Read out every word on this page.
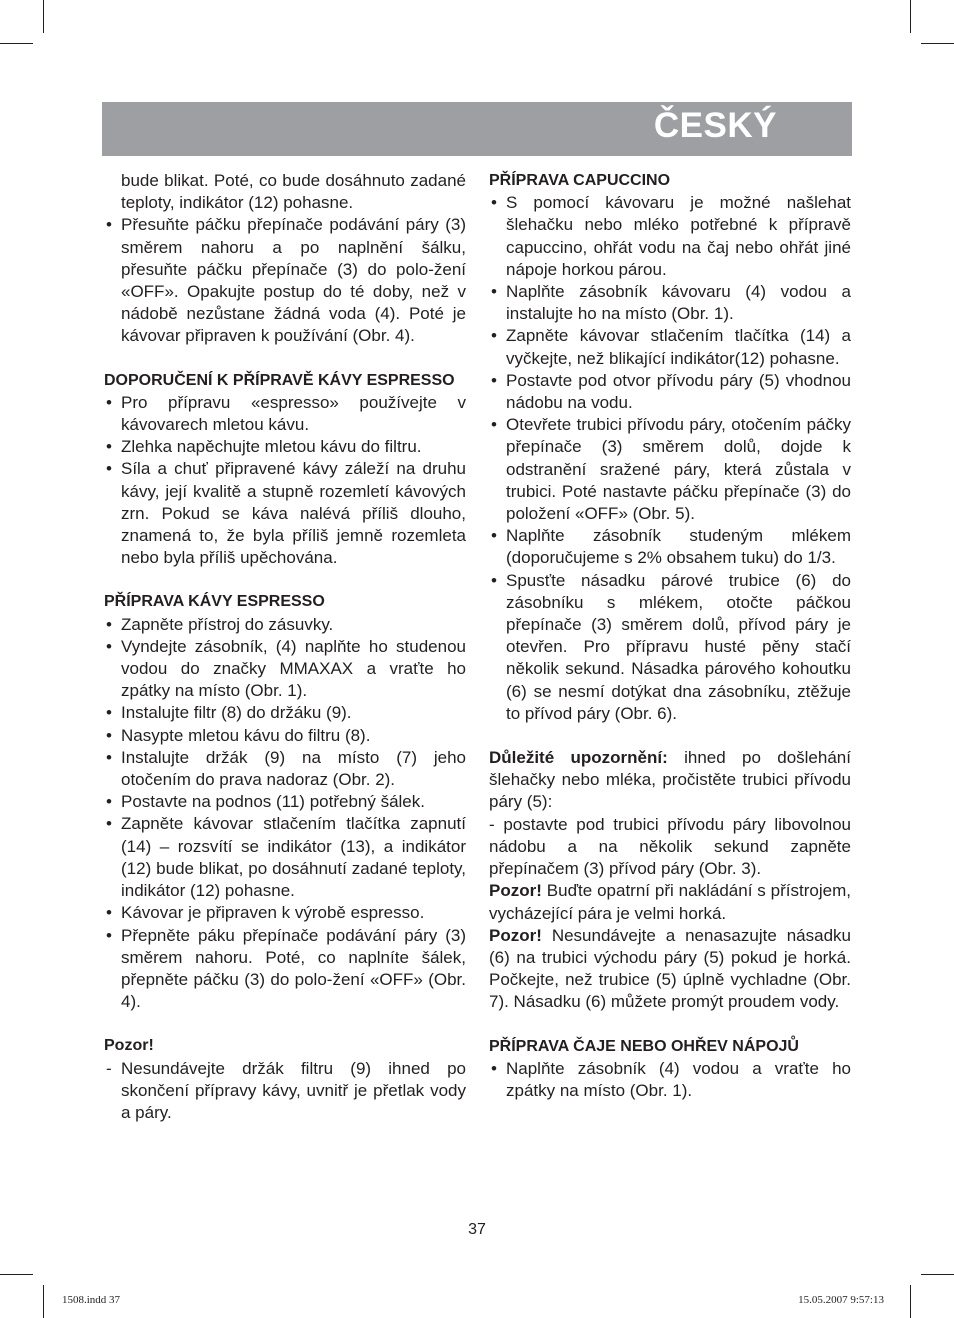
ČESKÝ
bude blikat. Poté, co bude dosáhnuto zadané teploty, indikátor (12) pohasne.
• Přesuňte páčku přepínače podávání páry (3) směrem nahoru a po naplnění šálku, přesuňte páčku přepínače (3) do polo-žení «OFF». Opakujte postup do té doby, než v nádobě nezůstane žádná voda (4). Poté je kávovar připraven k používání (Obr. 4).
DOPORUČENÍ K PŘÍPRAVĚ KÁVY ESPRESSO
• Pro přípravu «espresso» používejte v kávovarech mletou kávu.
• Zlehka napěchujte mletou kávu do filtru.
• Síla a chuť připravené kávy záleží na druhu kávy, její kvalitě a stupně rozemletí kávových zrn. Pokud se káva nalévá příliš dlouho, znamená to, že byla příliš jemně rozemleta nebo byla příliš upěchována.
PŘÍPRAVA KÁVY ESPRESSO
• Zapněte přístroj do zásuvky.
• Vyndejte zásobník, (4) naplňte ho studenou vodou do značky MMAXAX a vraťte ho zpátky na místo (Obr. 1).
• Instalujte filtr (8) do držáku (9).
• Nasypte mletou kávu do filtru (8).
• Instalujte držák (9) na místo (7) jeho otočením do prava nadoraz (Obr. 2).
• Postavte na podnos (11) potřebný šálek.
• Zapněte kávovar stlačením tlačítka zapnutí (14) – rozsvítí se indikátor (13), a indikátor (12) bude blikat, po dosáhnutí zadané teploty, indikátor (12) pohasne.
• Kávovar je připraven k výrobě espresso.
• Přepněte páku přepínače podávání páry (3) směrem nahoru. Poté, co naplníte šálek, přepněte páčku (3) do polo-žení «OFF» (Obr. 4).
Pozor!
- Nesundávejte držák filtru (9) ihned po skončení přípravy kávy, uvnitř je přetlak vody a páry.
PŘÍPRAVA CAPUCCINO
• S pomocí kávovaru je možné našlehat šlehačku nebo mléko potřebné k přípravě capuccino, ohřát vodu na čaj nebo ohřát jiné nápoje horkou párou.
• Naplňte zásobník kávovaru (4) vodou a instalujte ho na místo (Obr. 1).
• Zapněte kávovar stlačením tlačítka (14) a vyčkejte, než blikající indikátor(12) pohasne.
• Postavte pod otvor přívodu páry (5) vhodnou nádobu na vodu.
• Otevřete trubici přívodu páry, otočením páčky přepínače (3) směrem dolů, dojde k odstranění sražené páry, která zůstala v trubici. Poté nastavte páčku přepínače (3) do položení «OFF» (Obr. 5).
• Naplňte zásobník studeným mlékem (doporučujeme s 2% obsahem tuku) do 1/3.
• Spusťte násadku párové trubice (6) do zásobníku s mlékem, otočte páčkou přepínače (3) směrem dolů, přívod páry je otevřen. Pro přípravu husté pěny stačí několik sekund. Násadka párového kohoutku (6) se nesmí dotýkat dna zásobníku, ztěžuje to přívod páry (Obr. 6).
Důležité upozornění: ihned po došlehání šlehačky nebo mléka, pročistěte trubici přívodu páry (5):
- postavte pod trubici přívodu páry libovolnou nádobu a na několik sekund zapněte přepínačem (3) přívod páry (Obr. 3).
Pozor! Buďte opatrní při nakládání s přístrojem, vycházející pára je velmi horká.
Pozor! Nesundávejte a nenasazujte násadku (6) na trubici východu páry (5) pokud je horká. Počkejte, než trubice (5) úplně vychladne (Obr. 7). Násadku (6) můžete promýt proudem vody.
PŘÍPRAVA ČAJE NEBO OHŘEV NÁPOJŮ
• Naplňte zásobník (4) vodou a vraťte ho zpátky na místo (Obr. 1).
37
1508.indd 37	15.05.2007 9:57:13
